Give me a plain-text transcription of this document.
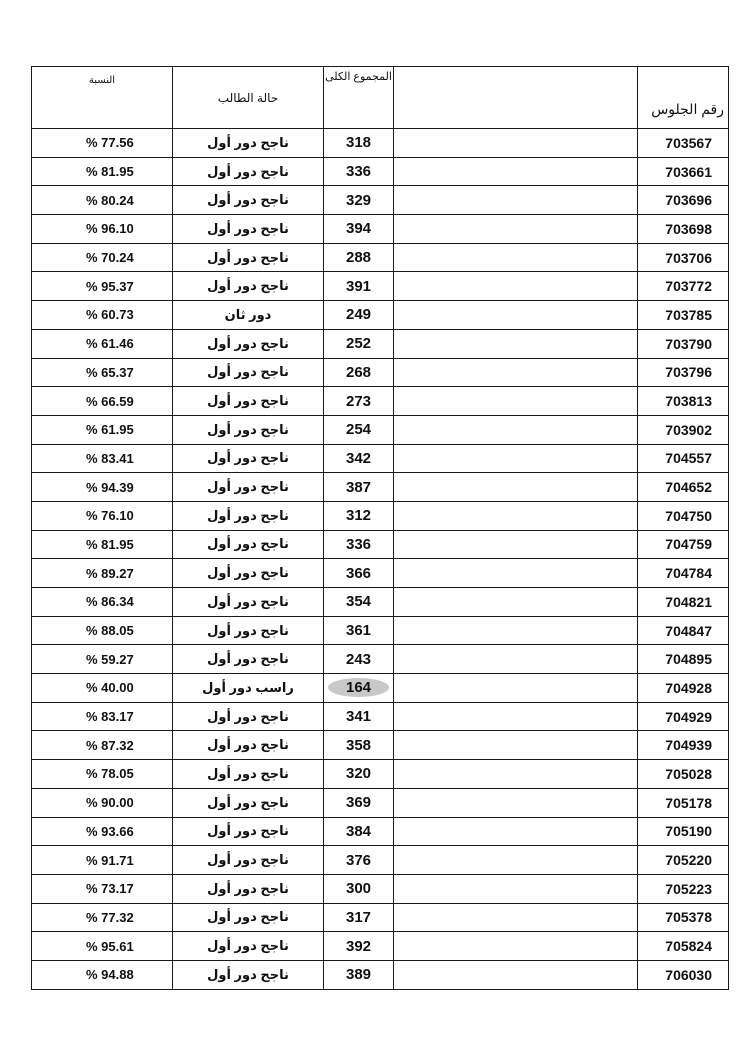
النسبة	حالة الطالب	المجموع الكلى		رقم الجلوس
% 77.56	ناجح دور أول	318		703567
% 81.95	ناجح دور أول	336		703661
% 80.24	ناجح دور أول	329		703696
% 96.10	ناجح دور أول	394		703698
% 70.24	ناجح دور أول	288		703706
% 95.37	ناجح دور أول	391		703772
% 60.73	دور ثان	249		703785
% 61.46	ناجح دور أول	252		703790
% 65.37	ناجح دور أول	268		703796
% 66.59	ناجح دور أول	273		703813
% 61.95	ناجح دور أول	254		703902
% 83.41	ناجح دور أول	342		704557
% 94.39	ناجح دور أول	387		704652
% 76.10	ناجح دور أول	312		704750
% 81.95	ناجح دور أول	336		704759
% 89.27	ناجح دور أول	366		704784
% 86.34	ناجح دور أول	354		704821
% 88.05	ناجح دور أول	361		704847
% 59.27	ناجح دور أول	243		704895
% 40.00	راسب دور أول	164		704928
% 83.17	ناجح دور أول	341		704929
% 87.32	ناجح دور أول	358		704939
% 78.05	ناجح دور أول	320		705028
% 90.00	ناجح دور أول	369		705178
% 93.66	ناجح دور أول	384		705190
% 91.71	ناجح دور أول	376		705220
% 73.17	ناجح دور أول	300		705223
% 77.32	ناجح دور أول	317		705378
% 95.61	ناجح دور أول	392		705824
% 94.88	ناجح دور أول	389		706030
